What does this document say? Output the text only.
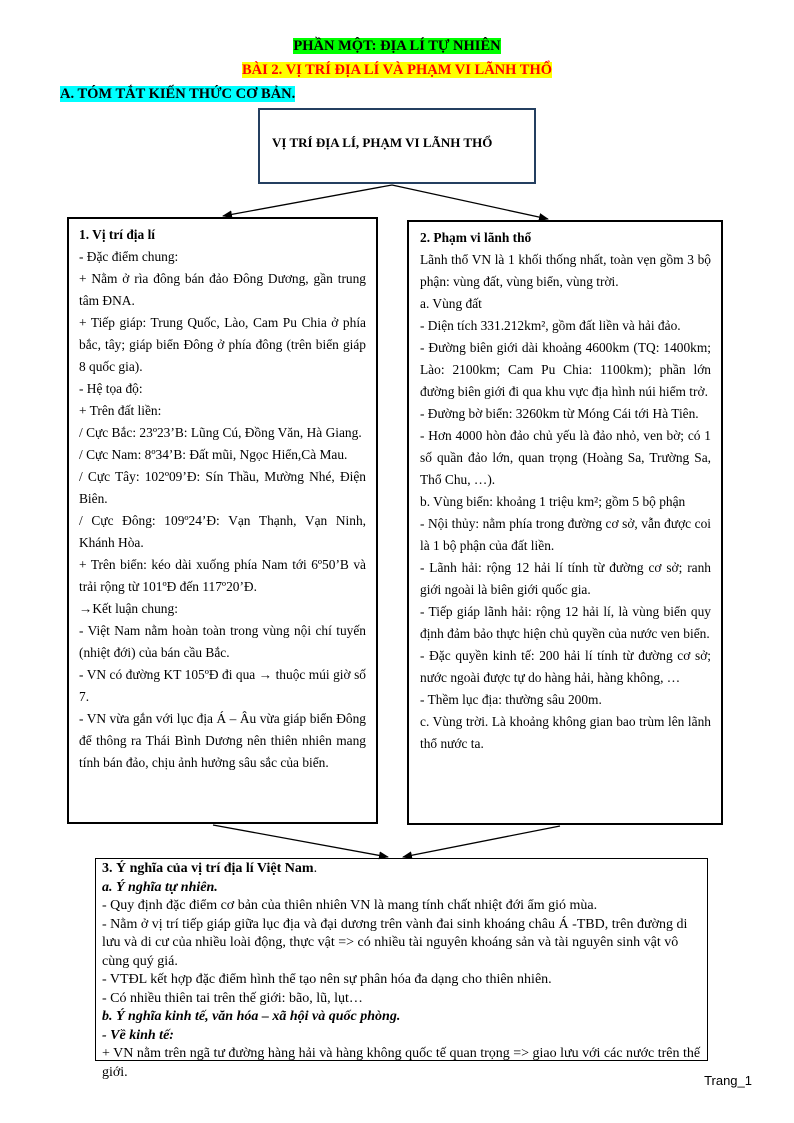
PHẦN MỘT: ĐỊA LÍ TỰ NHIÊN
BÀI 2. VỊ TRÍ ĐỊA LÍ VÀ PHẠM VI LÃNH THỔ
A. TÓM TẮT KIẾN THỨC CƠ BẢN.
VỊ TRÍ ĐỊA LÍ, PHẠM VI LÃNH THỔ

1. Vị trí địa lí

- Đặc điểm chung:

+ Nằm ở rìa đông bán đảo Đông Dương, gần trung tâm ĐNA.

+ Tiếp giáp: Trung Quốc, Lào, Cam Pu Chia ở phía bắc, tây; giáp biển Đông ở phía đông (trên biển giáp 8 quốc gia).

- Hệ tọa độ:

+ Trên đất liền:

/ Cực Bắc: 23º23’B: Lũng Cú, Đồng Văn, Hà Giang.

/ Cực Nam: 8º34’B: Đất mũi, Ngọc Hiển,Cà Mau.

/ Cực Tây: 102º09’Đ: Sín Thầu, Mường Nhé, Điện Biên.

/ Cực Đông: 109º24’Đ: Vạn Thạnh, Vạn Ninh, Khánh Hòa.

+ Trên biển: kéo dài xuống phía Nam tới 6º50’B và trải rộng từ 101ºĐ đến 117º20’Đ.

→Kết luận chung:

- Việt Nam nằm hoàn toàn trong vùng nội chí tuyến (nhiệt đới) của bán cầu Bắc.

- VN có đường KT 105ºĐ đi qua → thuộc múi giờ số 7.

- VN vừa gắn với lục địa Á – Âu vừa giáp biển Đông để thông ra Thái Bình Dương nên thiên nhiên mang tính bán đảo, chịu ảnh hưởng sâu sắc của biển.

2. Phạm vi lãnh thổ

Lãnh thổ VN là 1 khối thống nhất, toàn vẹn gồm 3 bộ phận: vùng đất, vùng biển, vùng trời.

a. Vùng đất

- Diện tích 331.212km², gồm đất liền và hải đảo.

- Đường biên giới dài khoảng 4600km (TQ: 1400km; Lào: 2100km; Cam Pu Chia: 1100km); phần lớn đường biên giới đi qua khu vực địa hình núi hiểm trở.

- Đường bờ biển: 3260km từ Móng Cái tới Hà Tiên.

- Hơn 4000 hòn đảo chủ yếu là đảo nhỏ, ven bờ; có 1 số quần đảo lớn, quan trọng (Hoàng Sa, Trường Sa, Thổ Chu, …).

b. Vùng biển: khoảng 1 triệu km²; gồm 5 bộ phận

- Nội thủy: nằm phía trong đường cơ sở, vẫn được coi là 1 bộ phận của đất liền.

- Lãnh hải: rộng 12 hải lí tính từ đường cơ sở; ranh giới ngoài là biên giới quốc gia.

- Tiếp giáp lãnh hải: rộng 12 hải lí, là vùng biển quy định đảm bảo thực hiện chủ quyền của nước ven biển.

- Đặc quyền kinh tế: 200 hải lí tính từ đường cơ sở; nước ngoài được tự do hàng hải, hàng không, …

- Thềm lục địa: thường sâu 200m.

c. Vùng trời. Là khoảng không gian bao trùm lên lãnh thổ nước ta.

3. Ý nghĩa của vị trí địa lí Việt Nam.

a. Ý nghĩa tự nhiên.

- Quy định đặc điểm cơ bản của thiên nhiên VN là mang tính chất nhiệt đới ẩm gió mùa.

- Nằm ở vị trí tiếp giáp giữa lục địa và đại dương trên vành đai sinh khoáng châu Á -TBD, trên đường di lưu và di cư của nhiều loài động, thực vật => có nhiều tài nguyên khoáng sản và tài nguyên sinh vật vô cùng quý giá.

- VTĐL kết hợp đặc điểm hình thể tạo nên sự phân hóa đa dạng cho thiên nhiên.

- Có nhiều thiên tai trên thế giới: bão, lũ, lụt…

b. Ý nghĩa kinh tế, văn hóa – xã hội và quốc phòng.

- Về kinh tế:

+ VN nằm trên ngã tư đường hàng hải và hàng không quốc tế quan trọng => giao lưu với các nước trên thế giới.

Trang_1
